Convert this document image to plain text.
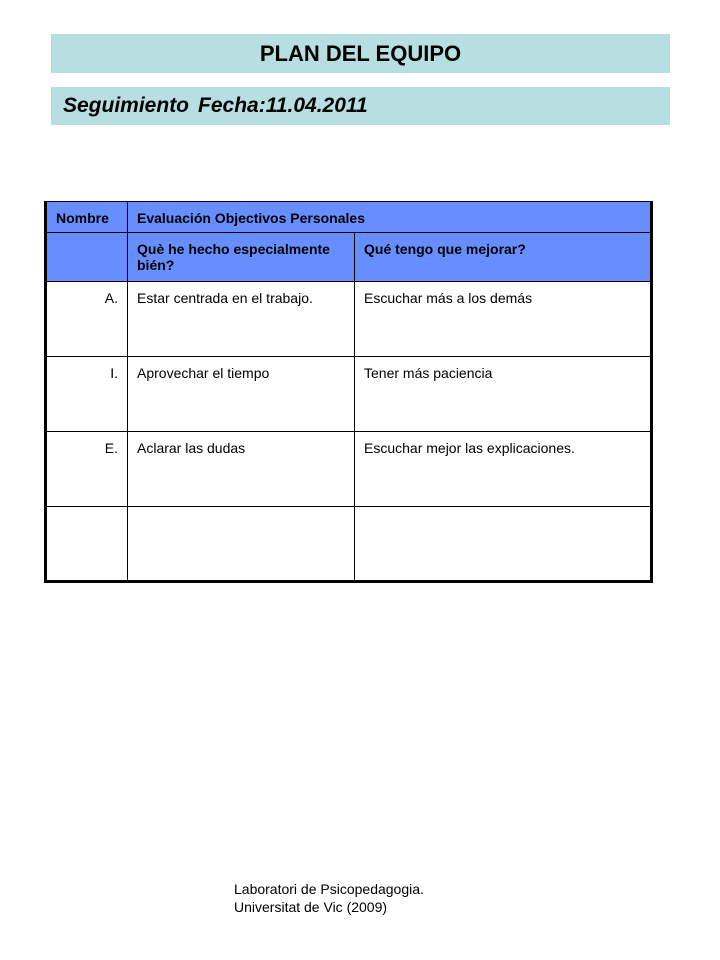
PLAN DEL EQUIPO
Seguimiento Fecha:11.04.2011
Nombre	Evaluación Objectivos Personales	
	Què he hecho especialmente bién?	Qué tengo que mejorar?
A.	Estar centrada en el trabajo.	Escuchar más a los demás
I.	Aprovechar el tiempo	Tener más paciencia
E.	Aclarar las dudas	Escuchar mejor las explicaciones.

Laboratori de Psicopedagogia.
Universitat de Vic (2009)
